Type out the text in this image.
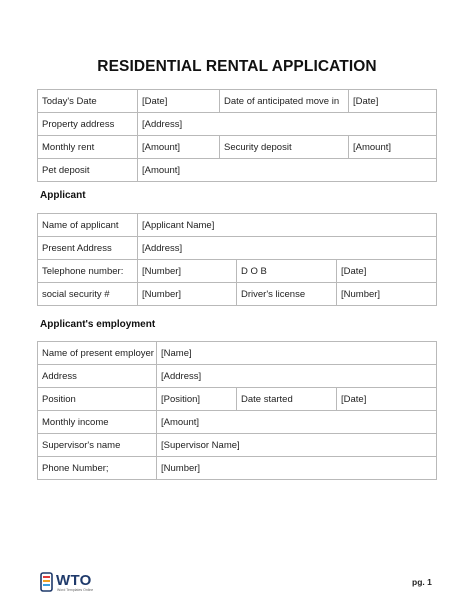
RESIDENTIAL RENTAL APPLICATION
Today's Date	[Date]	Date of anticipated move in	[Date]
Property address	[Address]		
Monthly rent	[Amount]	Security deposit	[Amount]
Pet deposit	[Amount]		
Applicant
Name of applicant	[Applicant Name]		
Present Address	[Address]		
Telephone number:	[Number]	D O B	[Date]
social security #	[Number]	Driver's license	[Number]
Applicant's employment
Name of present employer	[Name]		
Address	[Address]		
Position	[Position]	Date started	[Date]
Monthly income	[Amount]		
Supervisor's name	[Supervisor Name]		
Phone Number;	[Number]		
WTO
Word Templates Online
pg. 1
